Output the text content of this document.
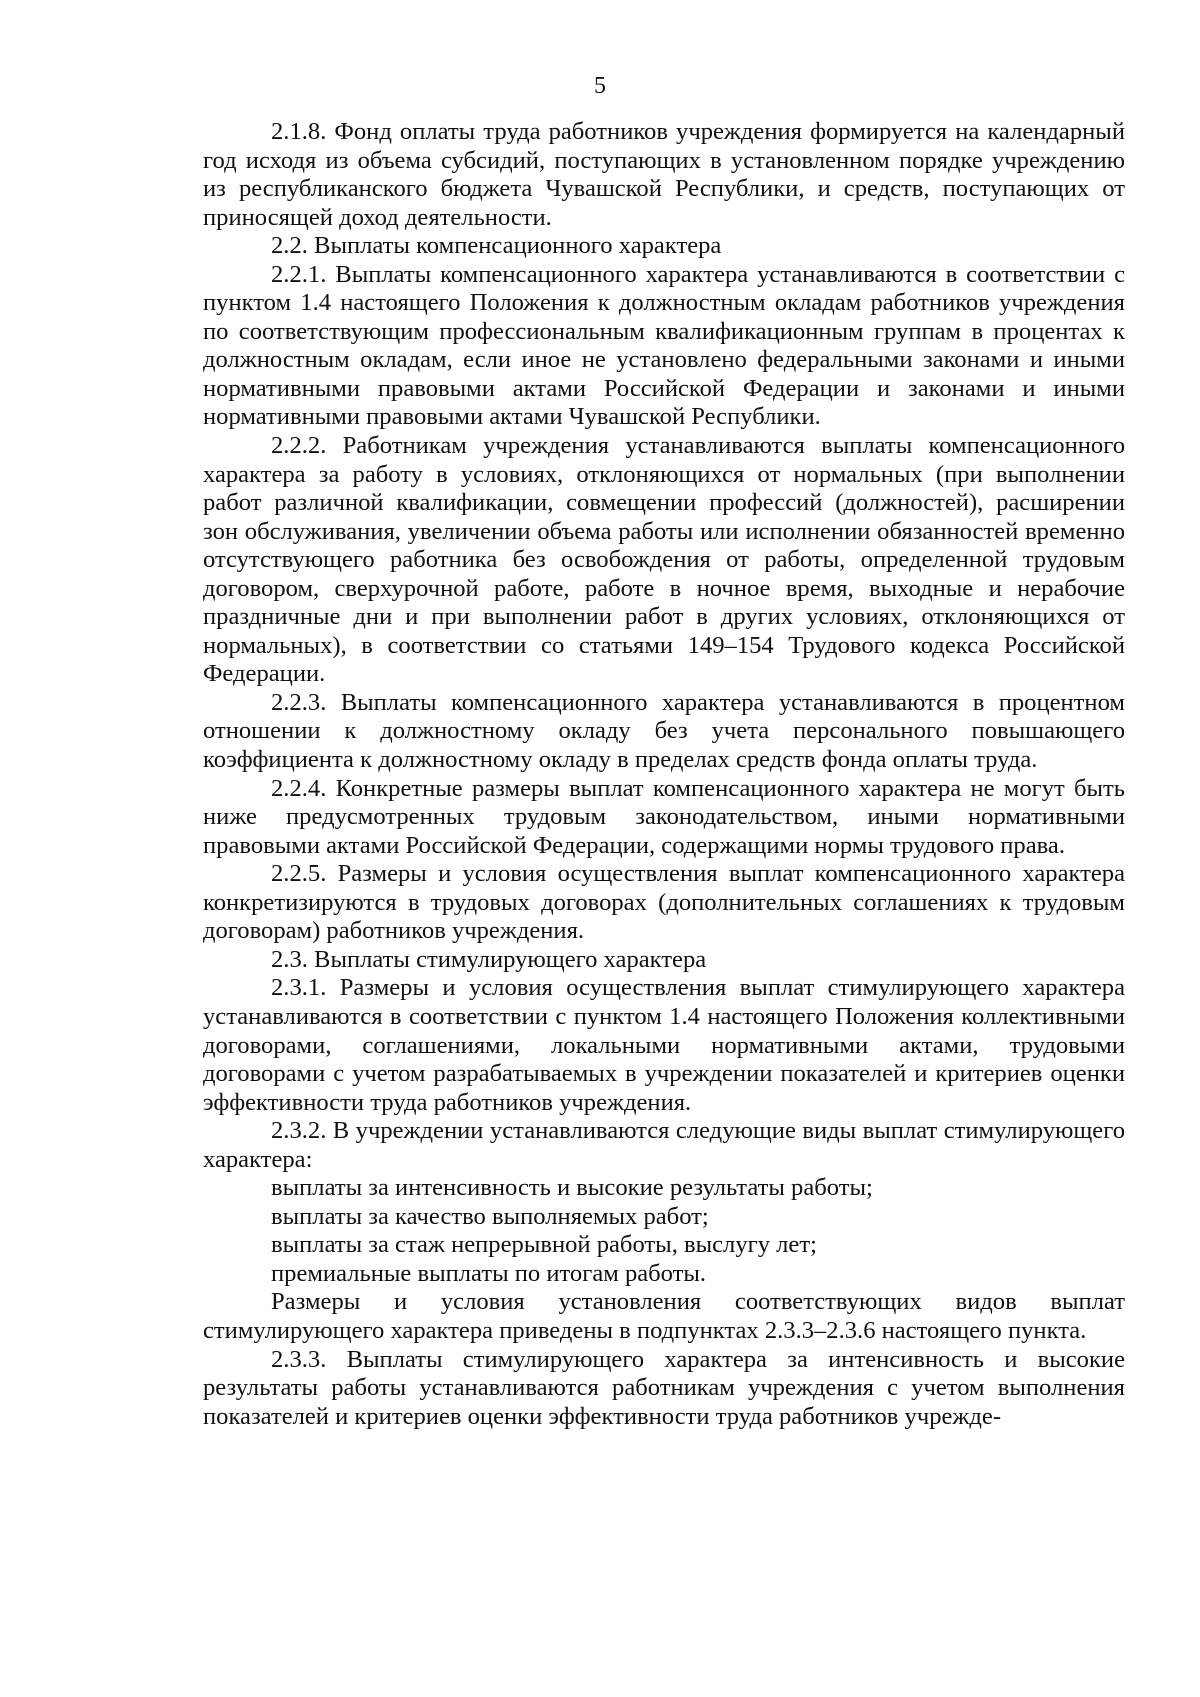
5

2.1.8. Фонд оплаты труда работников учреждения формируется на календарный год исходя из объема субсидий, поступающих в установленном порядке учреждению из республиканского бюджета Чувашской Республики, и средств, поступающих от приносящей доход деятельности.

2.2. Выплаты компенсационного характера

2.2.1. Выплаты компенсационного характера устанавливаются в соответствии с пунктом 1.4 настоящего Положения к должностным окладам работников учреждения по соответствующим профессиональным квалификационным группам в процентах к должностным окладам, если иное не установлено федеральными законами и иными нормативными правовыми актами Российской Федерации и законами и иными нормативными правовыми актами Чувашской Республики.

2.2.2. Работникам учреждения устанавливаются выплаты компенсационного характера за работу в условиях, отклоняющихся от нормальных (при выполнении работ различной квалификации, совмещении профессий (должностей), расширении зон обслуживания, увеличении объема работы или исполнении обязанностей временно отсутствующего работника без освобождения от работы, определенной трудовым договором, сверхурочной работе, работе в ночное время, выходные и нерабочие праздничные дни и при выполнении работ в других условиях, отклоняющихся от нормальных), в соответствии со статьями 149–154 Трудового кодекса Российской Федерации.

2.2.3. Выплаты компенсационного характера устанавливаются в процентном отношении к должностному окладу без учета персонального повышающего коэффициента к должностному окладу в пределах средств фонда оплаты труда.

2.2.4. Конкретные размеры выплат компенсационного характера не могут быть ниже предусмотренных трудовым законодательством, иными нормативными правовыми актами Российской Федерации, содержащими нормы трудового права.

2.2.5. Размеры и условия осуществления выплат компенсационного характера конкретизируются в трудовых договорах (дополнительных соглашениях к трудовым договорам) работников учреждения.

2.3. Выплаты стимулирующего характера

2.3.1. Размеры и условия осуществления выплат стимулирующего характера устанавливаются в соответствии с пунктом 1.4 настоящего Положения коллективными договорами, соглашениями, локальными нормативными актами, трудовыми договорами с учетом разрабатываемых в учреждении показателей и критериев оценки эффективности труда работников учреждения.

2.3.2. В учреждении устанавливаются следующие виды выплат стимулирующего характера:

выплаты за интенсивность и высокие результаты работы;

выплаты за качество выполняемых работ;

выплаты за стаж непрерывной работы, выслугу лет;

премиальные выплаты по итогам работы.

Размеры и условия установления соответствующих видов выплат стимулирующего характера приведены в подпунктах 2.3.3–2.3.6 настоящего пункта.

2.3.3. Выплаты стимулирующего характера за интенсивность и высокие результаты работы устанавливаются работникам учреждения с учетом выполнения показателей и критериев оценки эффективности труда работников учрежде-
